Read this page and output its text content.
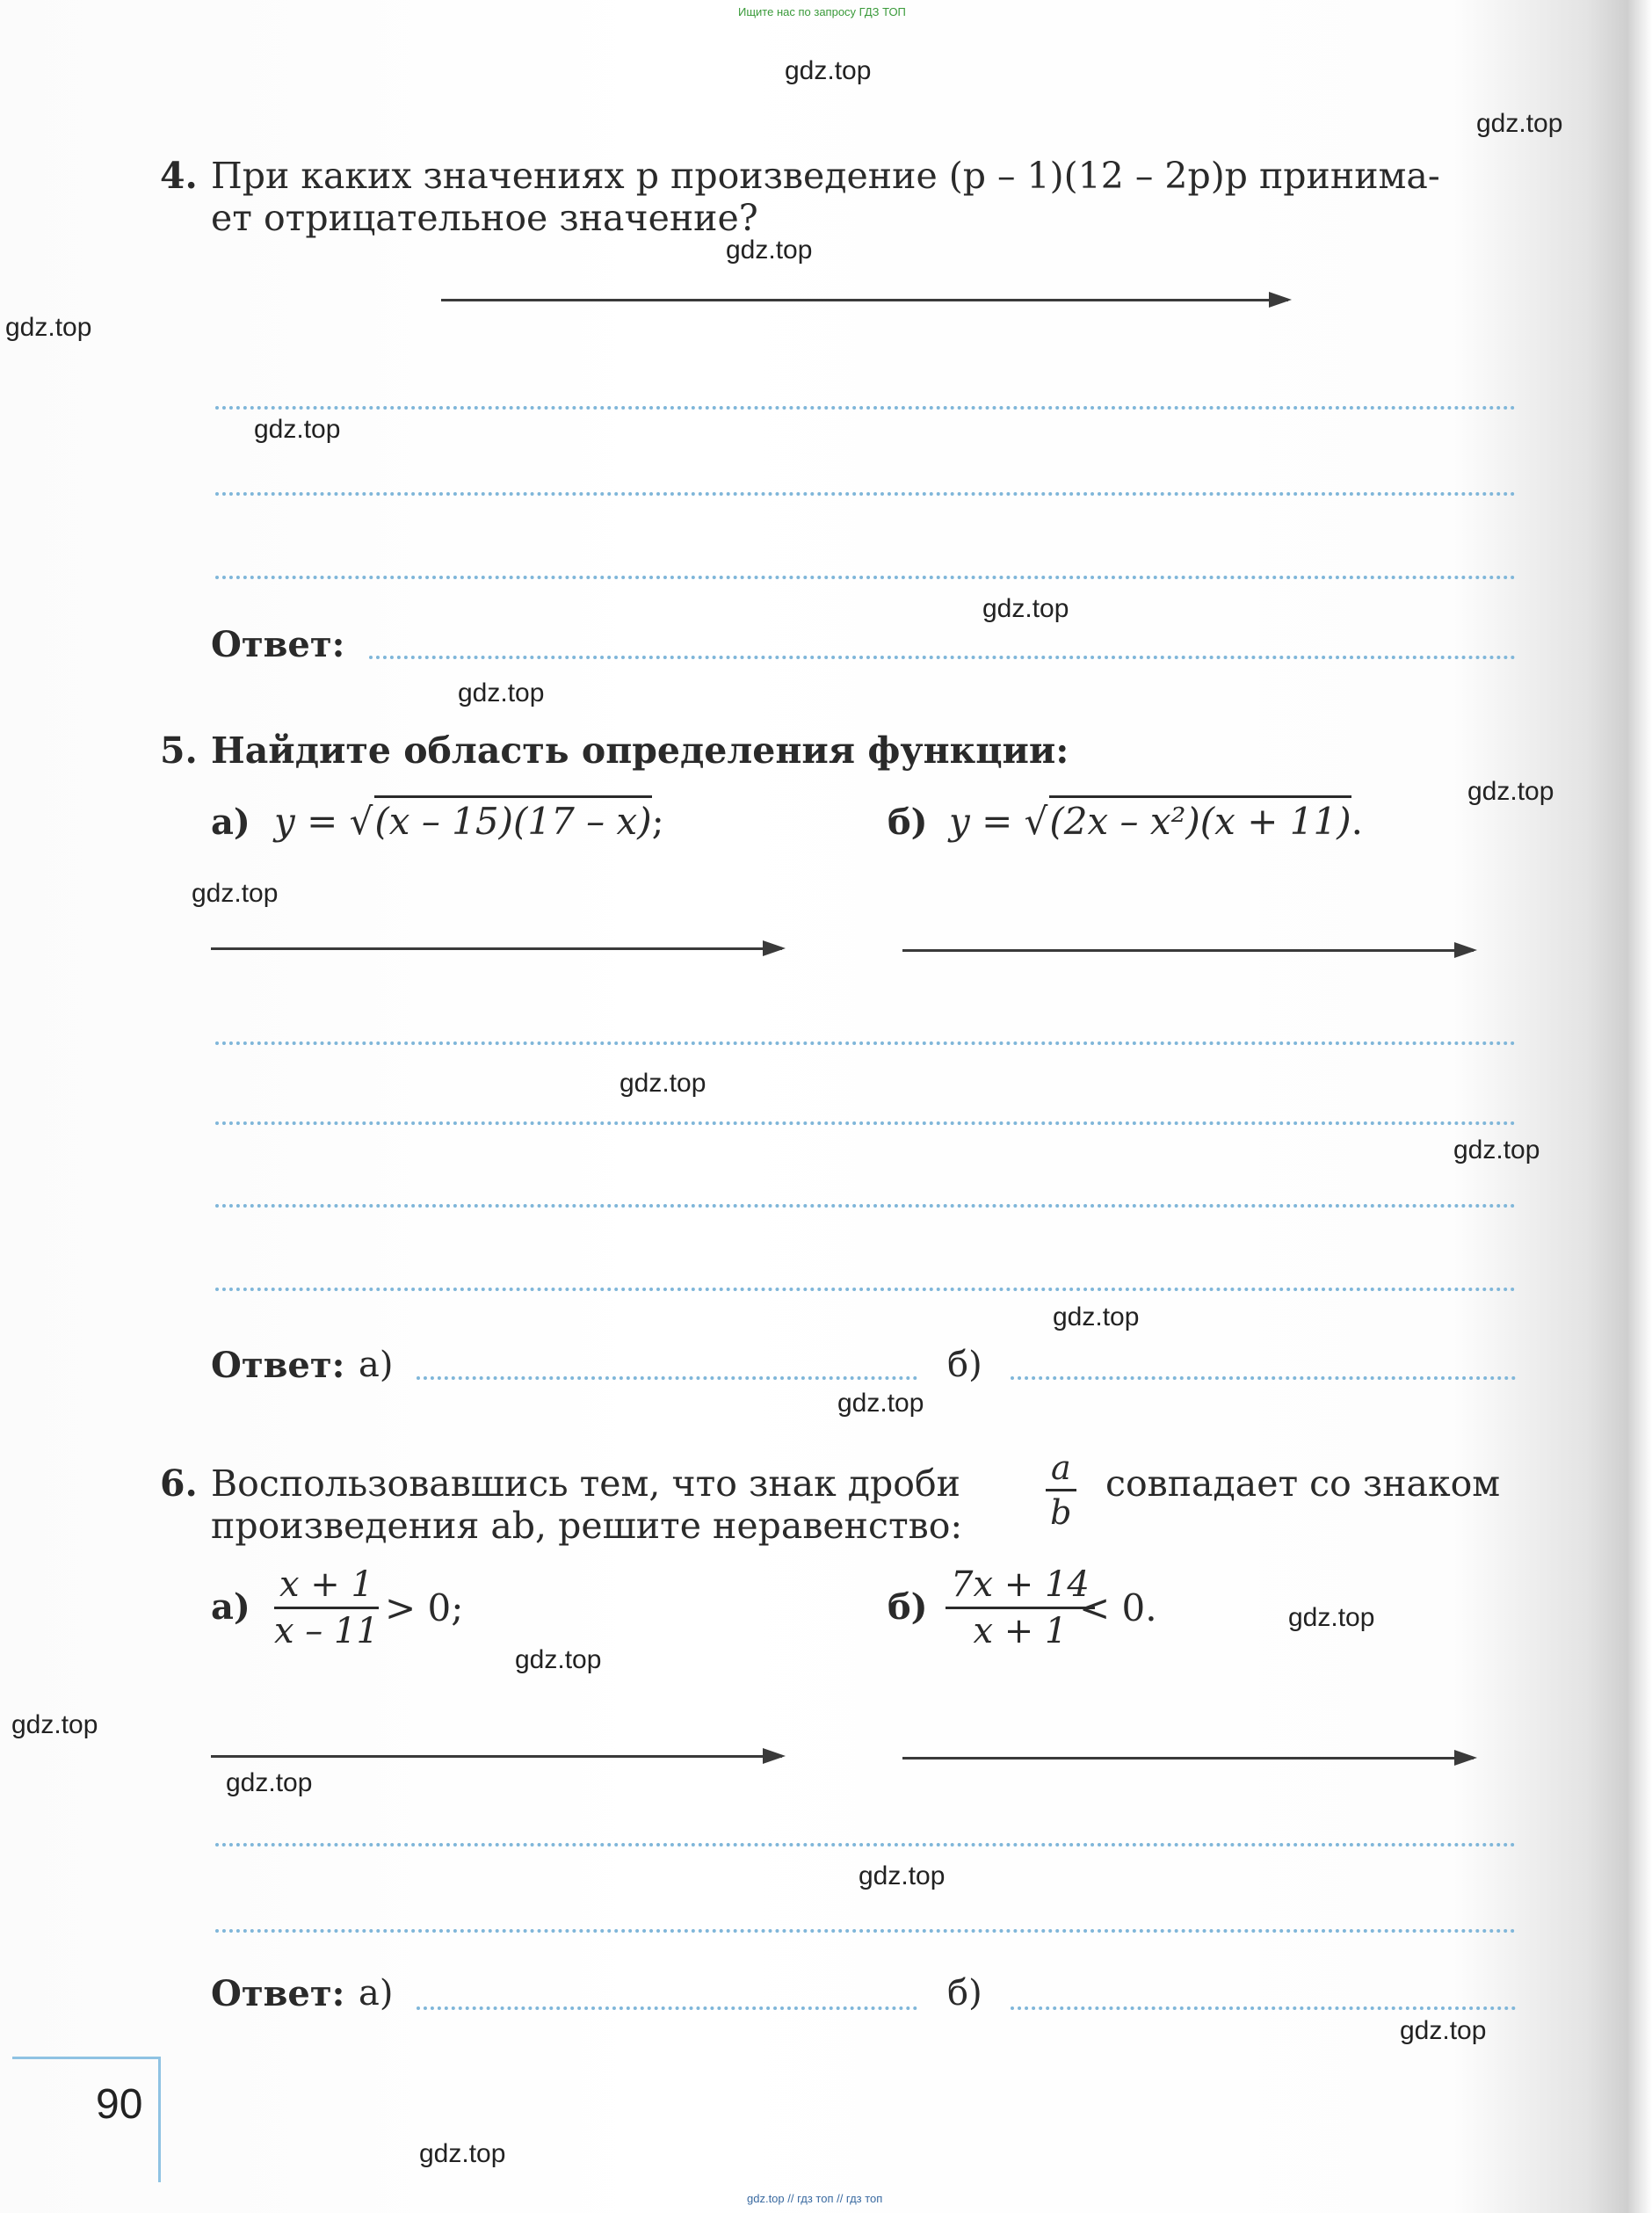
Ищите нас по запросу ГДЗ ТОП
gdz.top
gdz.top
gdz.top
gdz.top
gdz.top
gdz.top
gdz.top
gdz.top
gdz.top
gdz.top
gdz.top
gdz.top
gdz.top
gdz.top
gdz.top
gdz.top
gdz.top
gdz.top
gdz.top
gdz.top
4. При каких значениях p произведение (p – 1)(12 – 2p)p принима-
ет отрицательное значение?
Ответ:
5. Найдите область определения функции:
а) y = √(x – 15)(17 – x);	б) y = √(2x – x²)(x + 11).
Ответ: а)	б)
6. Воспользовавшись тем, что знак дроби
произведения ab, решите неравенство:
a
b
совпадает со знаком
а)
x + 1
x – 11
> 0;	б)
7x + 14
x + 1
< 0.
Ответ: а)	б)
90
gdz.top // гдз топ // гдз топ
